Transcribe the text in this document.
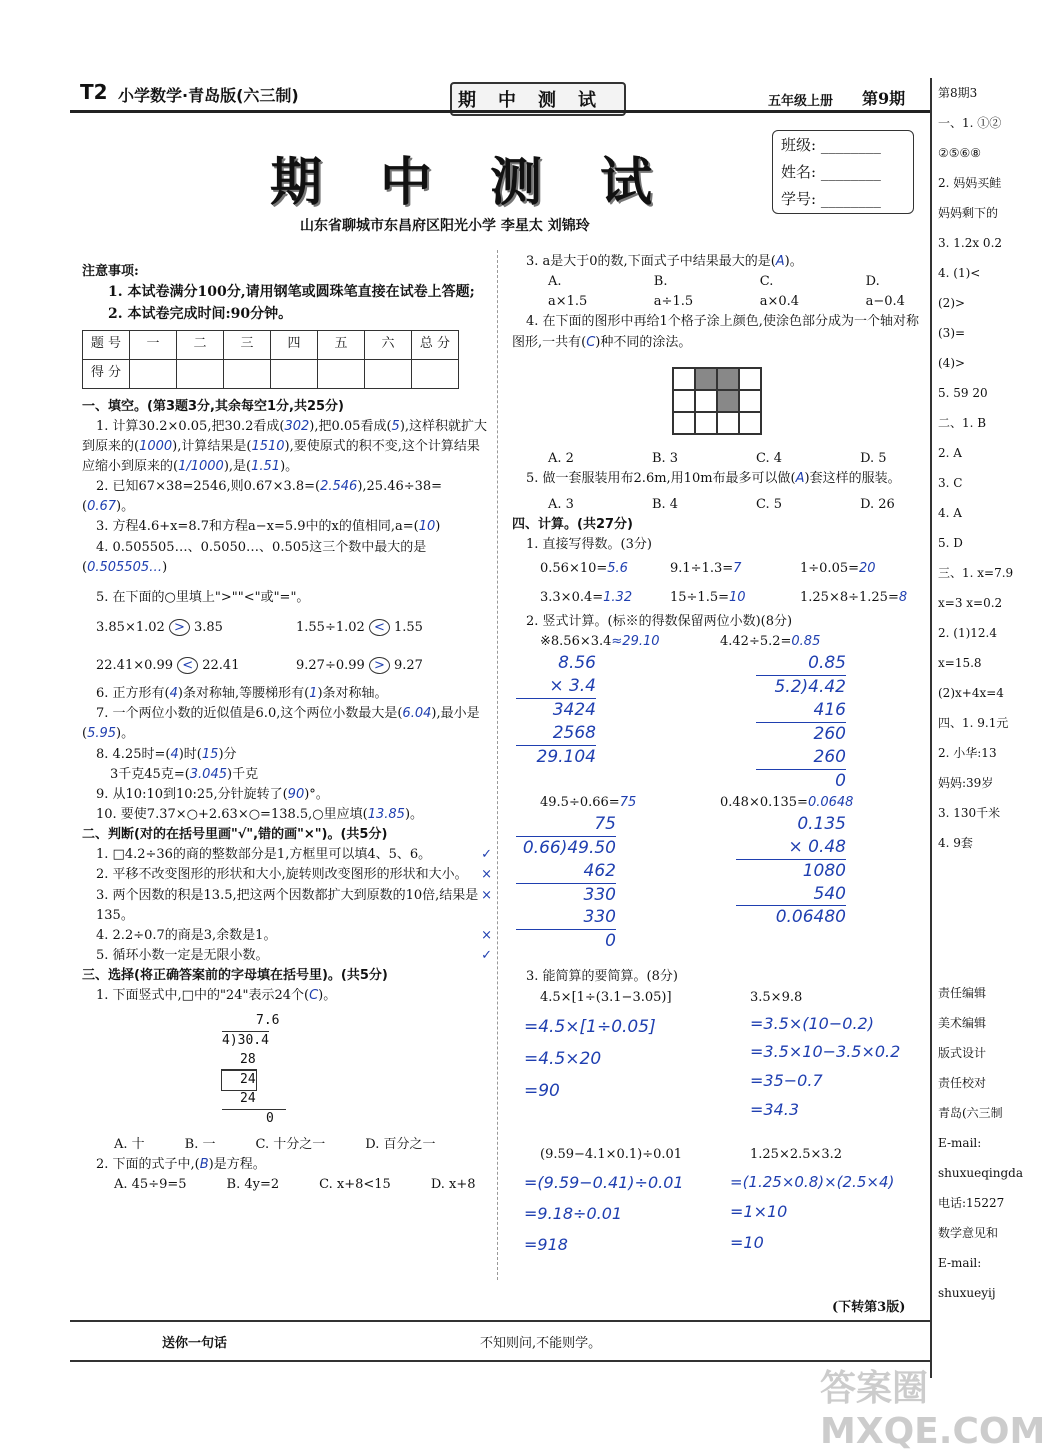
T2 小学数学·青岛版(六三制)	期中测试	五年级上册 第9期
期中测试
班级: ________
姓名: ________
学号: ________
山东省聊城市东昌府区阳光小学 李星太 刘锦玲
注意事项:
1. 本试卷满分100分,请用钢笔或圆珠笔直接在试卷上答题;
2. 本试卷完成时间:90分钟。
题 号	一	二	三	四	五	六	总 分
得 分							
一、填空。(第3题3分,其余每空1分,共25分)
1. 计算30.2×0.05,把30.2看成(302),把0.05看成(5),这样积就扩大到原来的(1000),计算结果是(1510),要使原式的积不变,这个计算结果应缩小到原来的(1/1000),是(1.51)。
2. 已知67×38=2546,则0.67×3.8=(2.546),25.46÷38=(0.67)。
3. 方程4.6+x=8.7和方程a−x=5.9中的x的值相同,a=(10)
4. 0.505505…、0.5050…、0.505这三个数中最大的是(0.505505…)
5. 在下面的○里填上">""<"或"="。
3.85×1.02 > 3.85	1.55÷1.02 < 1.55
22.41×0.99 < 22.41	9.27÷0.99 > 9.27
6. 正方形有(4)条对称轴,等腰梯形有(1)条对称轴。
7. 一个两位小数的近似值是6.0,这个两位小数最大是(6.04),最小是(5.95)。
8. 4.25时=(4)时(15)分
3千克45克=(3.045)千克
9. 从10:10到10:25,分针旋转了(90)°。
10. 要使7.37×○+2.63×○=138.5,○里应填(13.85)。
二、判断(对的在括号里画"√",错的画"×")。(共5分)
1. □4.2÷36的商的整数部分是1,方框里可以填4、5、6。	✓
2. 平移不改变图形的形状和大小,旋转则改变图形的形状和大小。 ×
3. 两个因数的积是13.5,把这两个因数都扩大到原数的10倍,结果是135。
×
4. 2.2÷0.7的商是3,余数是1。	×
5. 循环小数一定是无限小数。	✓
三、选择(将正确答案前的字母填在括号里)。(共5分)
1. 下面竖式中,□中的"24"表示24个(C)。
7.6
4)30.4
28
24
24
0
A. 十	B. 一	C. 十分之一	D. 百分之一
2. 下面的式子中,(B)是方程。
A. 45÷9=5	B. 4y=2	C. x+8<15	D. x+8
3. a是大于0的数,下面式子中结果最大的是(A)。
A. a×1.5
B. a÷1.5
C. a×0.4
D. a−0.4
4. 在下面的图形中再给1个格子涂上颜色,使涂色部分成为一个轴对称图形,一共有(C)种不同的涂法。
A. 2	B. 3	C. 4	D. 5
5. 做一套服装用布2.6m,用10m布最多可以做(A)套这样的服装。
A. 3	B. 4	C. 5	D. 26
四、计算。(共27分)
1. 直接写得数。(3分)
0.56×10=5.6	9.1÷1.3=7	1÷0.05=20
3.3×0.4=1.32	15÷1.5=10	1.25×8÷1.25=8
2. 竖式计算。(标※的得数保留两位小数)(8分)
※8.56×3.4≈29.10	4.42÷5.2=0.85
8.56
× 3.4
3424
2568
29.104
0.85
5.2)4.42
416
260
260
0
49.5÷0.66=75	0.48×0.135=0.0648
75
0.66)49.50
462
330
330
0
0.135
× 0.48
1080
540
0.06480
3. 能简算的要简算。(8分)
4.5×[1÷(3.1−3.05)]
=4.5×[1÷0.05]
=4.5×20
=90
3.5×9.8
=3.5×(10−0.2)
=3.5×10−3.5×0.2
=35−0.7
=34.3
(9.59−4.1×0.1)÷0.01
=(9.59−0.41)÷0.01
=9.18÷0.01
=918
1.25×2.5×3.2
=(1.25×0.8)×(2.5×4)
=1×10
=10
(下转第3版)
送你一句话	不知则问,不能则学。
第8期3
一、1. ①②
②⑤⑥⑧
2. 妈妈买鲑
妈妈剩下的
3. 1.2x 0.2
4. (1)<
(2)>
(3)=
(4)>
5. 59 20
二、1. B
2. A
3. C
4. A
5. D
三、1. x=7.9
x=3 x=0.2
2. (1)12.4
x=15.8
(2)x+4x=4
四、1. 9.1元
2. 小华:13
妈妈:39岁
3. 130千米
4. 9套

责任编辑
美术编辑
版式设计
责任校对
青岛(六三制
E-mail:
shuxueqingda
电话:15227
数学意见和
E-mail:
shuxueyij
答案圈 MXQE.COM
